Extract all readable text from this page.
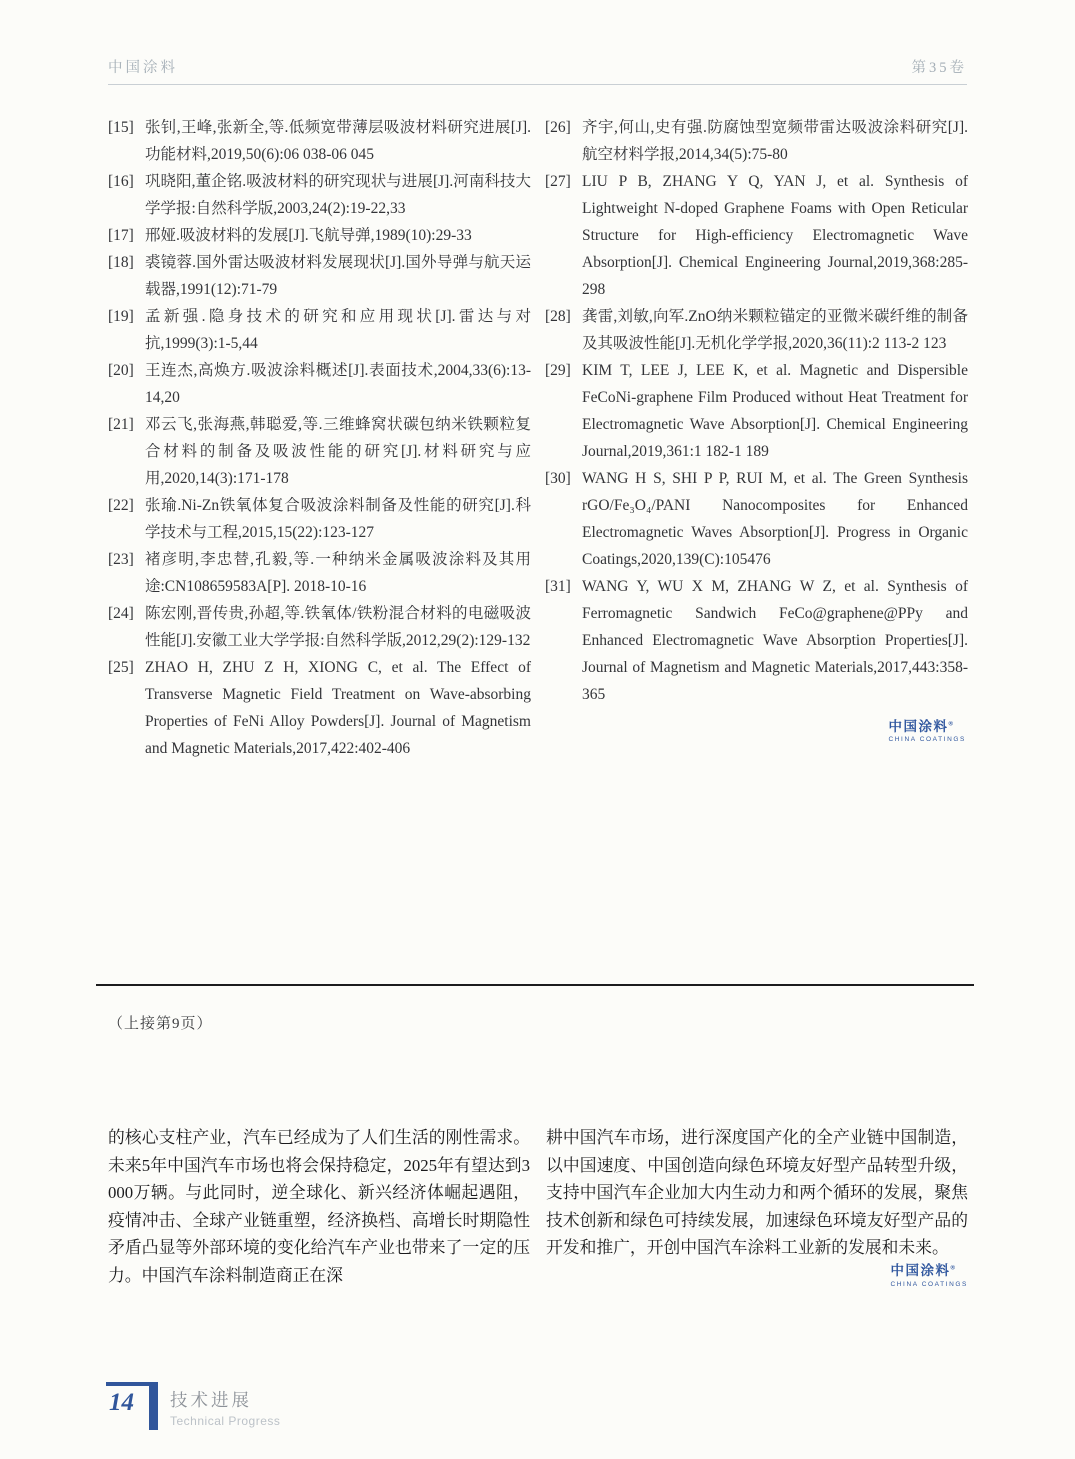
中国涂料	第35卷
[15] 张钊,王峰,张新全,等.低频宽带薄层吸波材料研究进展[J].功能材料,2019,50(6):06 038-06 045
[16] 巩晓阳,董企铭.吸波材料的研究现状与进展[J].河南科技大学学报:自然科学版,2003,24(2):19-22,33
[17] 邢娅.吸波材料的发展[J].飞航导弹,1989(10):29-33
[18] 裘镜蓉.国外雷达吸波材料发展现状[J].国外导弹与航天运载器,1991(12):71-79
[19] 孟新强.隐身技术的研究和应用现状[J].雷达与对抗,1999(3):1-5,44
[20] 王连杰,高焕方.吸波涂料概述[J].表面技术,2004,33(6):13-14,20
[21] 邓云飞,张海燕,韩聪爱,等.三维蜂窝状碳包纳米铁颗粒复合材料的制备及吸波性能的研究[J].材料研究与应用,2020,14(3):171-178
[22] 张瑜.Ni-Zn铁氧体复合吸波涂料制备及性能的研究[J].科学技术与工程,2015,15(22):123-127
[23] 褚彦明,李忠替,孔毅,等.一种纳米金属吸波涂料及其用途:CN108659583A[P]. 2018-10-16
[24] 陈宏刚,晋传贵,孙超,等.铁氧体/铁粉混合材料的电磁吸波性能[J].安徽工业大学学报:自然科学版,2012,29(2):129-132
[25] ZHAO H, ZHU Z H, XIONG C, et al. The Effect of Transverse Magnetic Field Treatment on Wave-absorbing Properties of FeNi Alloy Powders[J]. Journal of Magnetism and Magnetic Materials,2017,422:402-406
[26] 齐宇,何山,史有强.防腐蚀型宽频带雷达吸波涂料研究[J].航空材料学报,2014,34(5):75-80
[27] LIU P B, ZHANG Y Q, YAN J, et al. Synthesis of Lightweight N-doped Graphene Foams with Open Reticular Structure for High-efficiency Electromagnetic Wave Absorption[J]. Chemical Engineering Journal,2019,368:285-298
[28] 龚雷,刘敏,向军.ZnO纳米颗粒锚定的亚微米碳纤维的制备及其吸波性能[J].无机化学学报,2020,36(11):2 113-2 123
[29] KIM T, LEE J, LEE K, et al. Magnetic and Dispersible FeCoNi-graphene Film Produced without Heat Treatment for Electromagnetic Wave Absorption[J]. Chemical Engineering Journal,2019,361:1 182-1 189
[30] WANG H S, SHI P P, RUI M, et al. The Green Synthesis rGO/Fe₃O₄/PANI Nanocomposites for Enhanced Electromagnetic Waves Absorption[J]. Progress in Organic Coatings,2020,139(C):105476
[31] WANG Y, WU X M, ZHANG W Z, et al. Synthesis of Ferromagnetic Sandwich FeCo@graphene@PPy and Enhanced Electromagnetic Wave Absorption Properties[J]. Journal of Magnetism and Magnetic Materials,2017,443:358-365
中国涂料®
CHINA COATINGS
（上接第9页）
的核心支柱产业，汽车已经成为了人们生活的刚性需求。未来5年中国汽车市场也将会保持稳定，2025年有望达到3 000万辆。与此同时，逆全球化、新兴经济体崛起遇阻，疫情冲击、全球产业链重塑，经济换档、高增长时期隐性矛盾凸显等外部环境的变化给汽车产业也带来了一定的压力。中国汽车涂料制造商正在深
耕中国汽车市场，进行深度国产化的全产业链中国制造，以中国速度、中国创造向绿色环境友好型产品转型升级，支持中国汽车企业加大内生动力和两个循环的发展，聚焦技术创新和绿色可持续发展，加速绿色环境友好型产品的开发和推广，开创中国汽车涂料工业新的发展和未来。
中国涂料®
CHINA COATINGS
14 技术进展
Technical Progress
